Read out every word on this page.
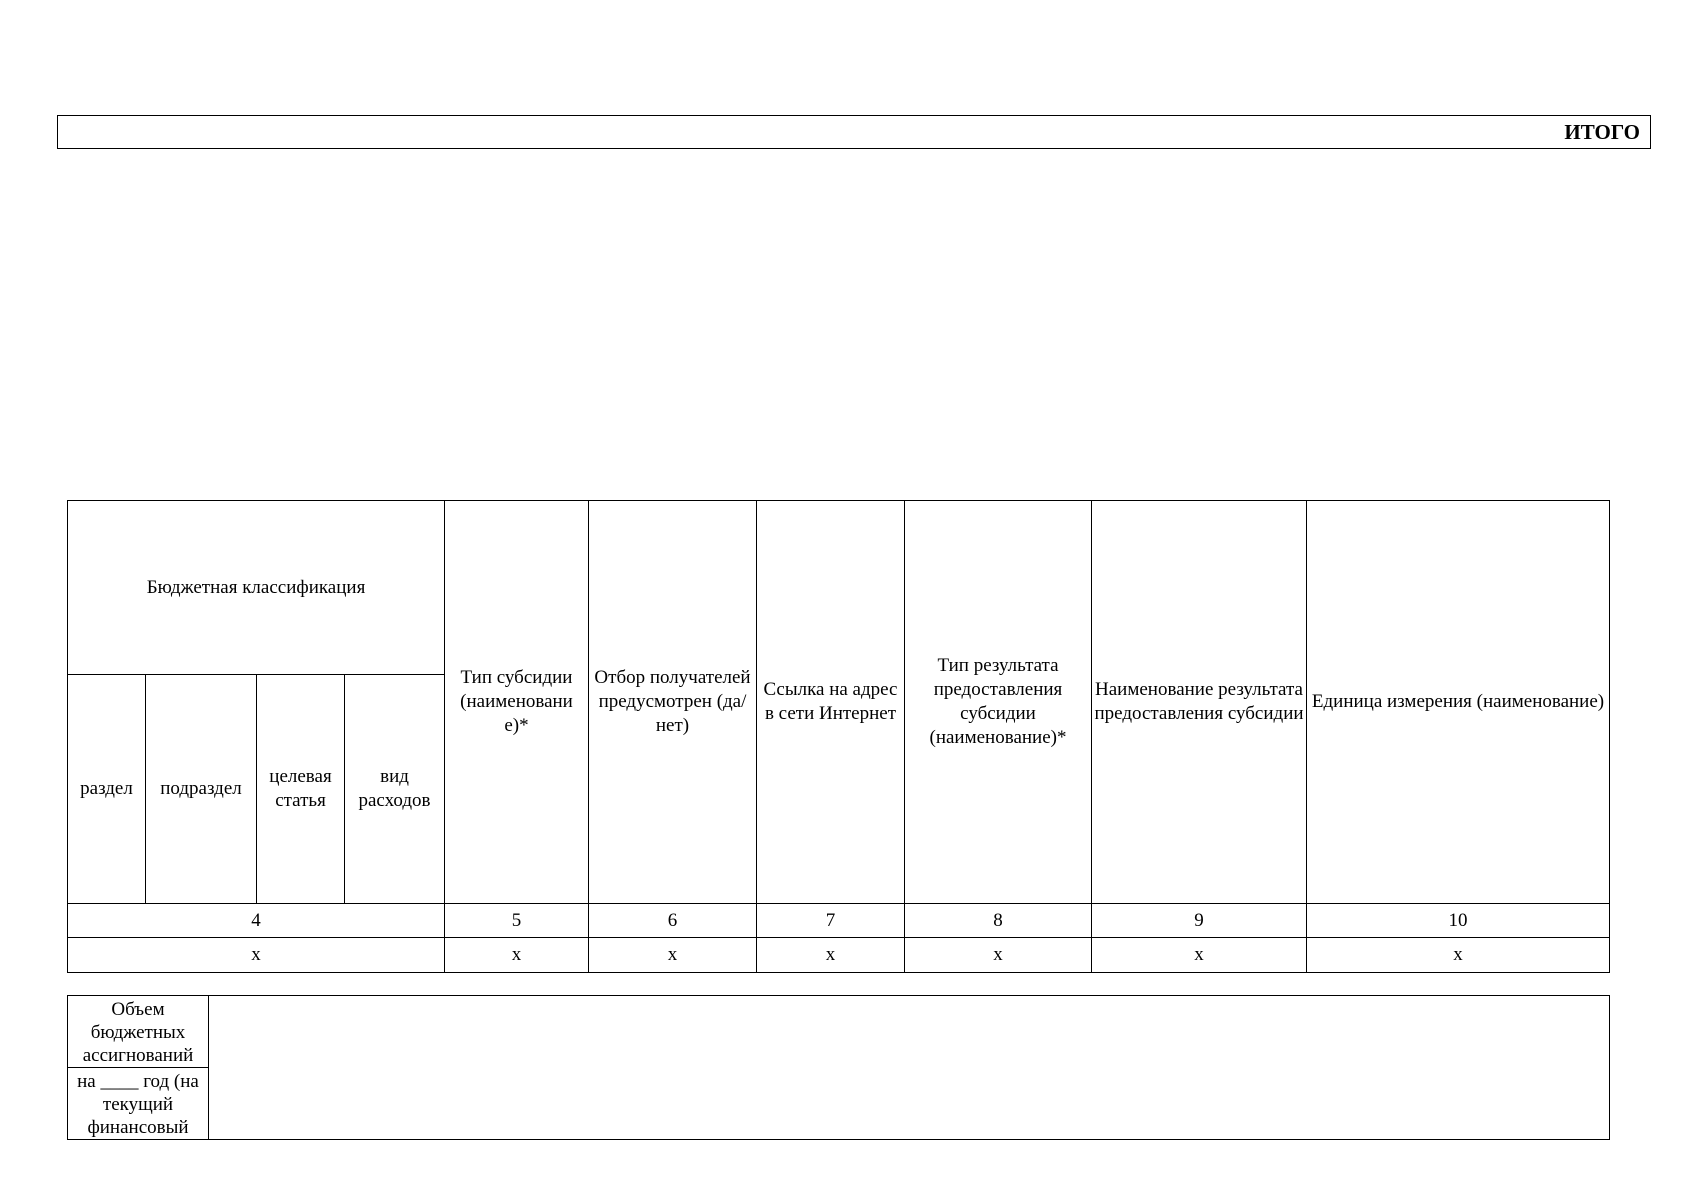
ИТОГО
Бюджетная классификация				Тип субсидии (наименовани е)*	Отбор получателей предусмотрен (да/нет)	Ссылка на адрес в сети Интернет	Тип результата предоставления субсидии (наименование)*	Наименование результата предоставления субсидии	Единица измерения (наименование)
раздел	подраздел	целевая статья	вид расходов						
4				5	6	7	8	9	10
х				х	х	х	х	х	х
Объем бюджетных ассигнований	
на ____ год (на текущий финансовый
